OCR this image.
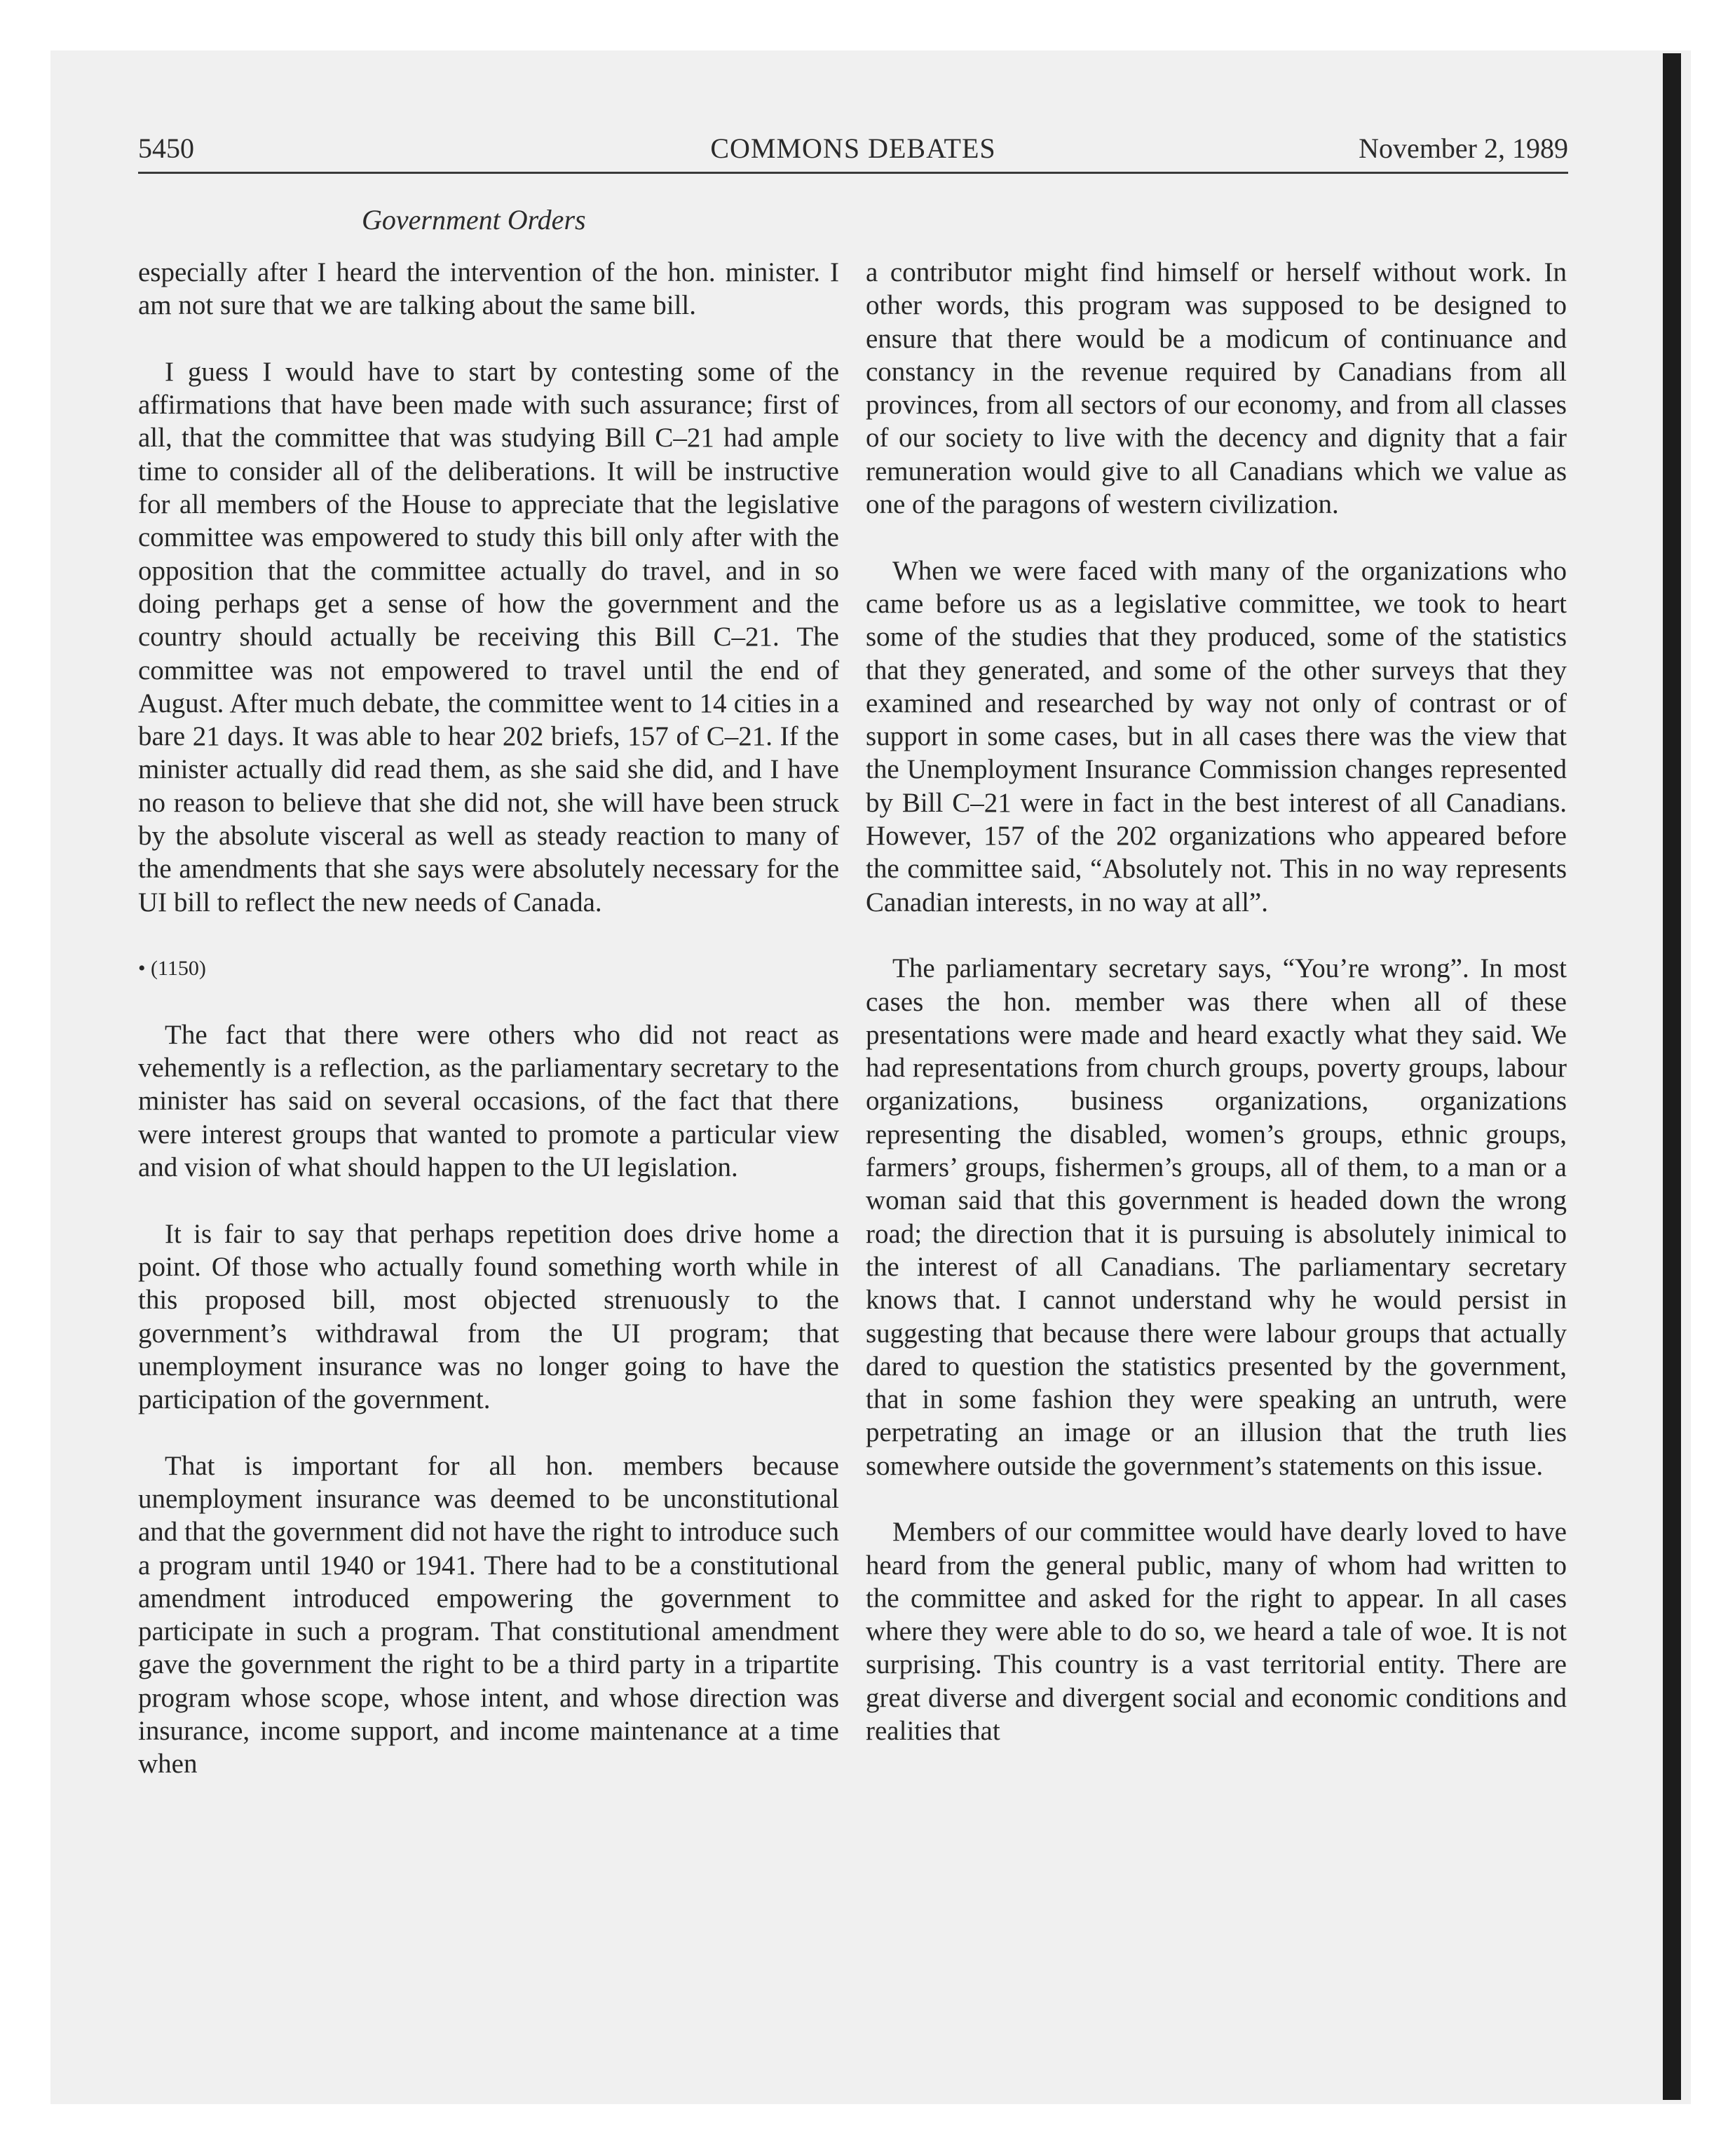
5450	COMMONS DEBATES	November 2, 1989
Government Orders

especially after I heard the intervention of the hon. minister. I am not sure that we are talking about the same bill.

I guess I would have to start by contesting some of the affirmations that have been made with such assurance; first of all, that the committee that was studying Bill C–21 had ample time to consider all of the deliberations. It will be instructive for all members of the House to appreciate that the legislative committee was empowered to study this bill only after with the opposition that the committee actually do travel, and in so doing perhaps get a sense of how the government and the country should actually be receiving this Bill C–21. The committee was not empowered to travel until the end of August. After much debate, the committee went to 14 cities in a bare 21 days. It was able to hear 202 briefs, 157 of C–21. If the minister actually did read them, as she said she did, and I have no reason to believe that she did not, she will have been struck by the absolute visceral as well as steady reaction to many of the amendments that she says were absolutely necessary for the UI bill to reflect the new needs of Canada.

• (1150)

The fact that there were others who did not react as vehemently is a reflection, as the parliamentary secretary to the minister has said on several occasions, of the fact that there were interest groups that wanted to promote a particular view and vision of what should happen to the UI legislation.

It is fair to say that perhaps repetition does drive home a point. Of those who actually found something worth while in this proposed bill, most objected strenuously to the government’s withdrawal from the UI program; that unemployment insurance was no longer going to have the participation of the government.

That is important for all hon. members because unemployment insurance was deemed to be unconstitutional and that the government did not have the right to introduce such a program until 1940 or 1941. There had to be a constitutional amendment introduced empowering the government to participate in such a program. That constitutional amendment gave the government the right to be a third party in a tripartite program whose scope, whose intent, and whose direction was insurance, income support, and income maintenance at a time when

a contributor might find himself or herself without work. In other words, this program was supposed to be designed to ensure that there would be a modicum of continuance and constancy in the revenue required by Canadians from all provinces, from all sectors of our economy, and from all classes of our society to live with the decency and dignity that a fair remuneration would give to all Canadians which we value as one of the paragons of western civilization.

When we were faced with many of the organizations who came before us as a legislative committee, we took to heart some of the studies that they produced, some of the statistics that they generated, and some of the other surveys that they examined and researched by way not only of contrast or of support in some cases, but in all cases there was the view that the Unemployment Insurance Commission changes represented by Bill C–21 were in fact in the best interest of all Canadians. However, 157 of the 202 organizations who appeared before the committee said, “Absolutely not. This in no way represents Canadian interests, in no way at all”.

The parliamentary secretary says, “You’re wrong”. In most cases the hon. member was there when all of these presentations were made and heard exactly what they said. We had representations from church groups, poverty groups, labour organizations, business organizations, organizations representing the disabled, women’s groups, ethnic groups, farmers’ groups, fishermen’s groups, all of them, to a man or a woman said that this government is headed down the wrong road; the direction that it is pursuing is absolutely inimical to the interest of all Canadians. The parliamentary secretary knows that. I cannot understand why he would persist in suggesting that because there were labour groups that actually dared to question the statistics presented by the government, that in some fashion they were speaking an untruth, were perpetrating an image or an illusion that the truth lies somewhere outside the government’s statements on this issue.

Members of our committee would have dearly loved to have heard from the general public, many of whom had written to the committee and asked for the right to appear. In all cases where they were able to do so, we heard a tale of woe. It is not surprising. This country is a vast territorial entity. There are great diverse and divergent social and economic conditions and realities that
